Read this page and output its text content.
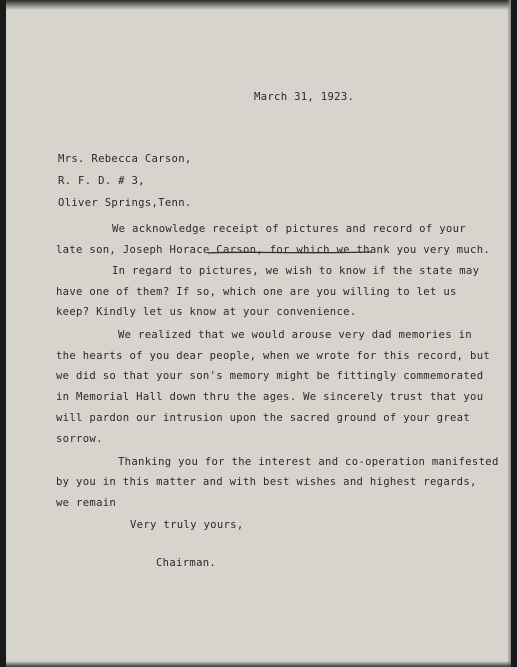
March 31, 1923.
Mrs. Rebecca Carson,
R. F. D. # 3,
Oliver Springs,Tenn.
We acknowledge receipt of pictures and record of your
late son, Joseph Horace Carson, for which we thank you very much.
In regard to pictures, we wish to know if the state may
have one of them? If so, which one are you willing to let us
keep? Kindly let us know at your convenience.
We realized that we would arouse very dad memories in
the hearts of you dear people, when we wrote for this record, but
we did so that your son's memory might be fittingly commemorated
in Memorial Hall down thru the ages. We sincerely trust that you
will pardon our intrusion upon the sacred ground of your great
sorrow.
Thanking you for the interest and co-operation manifested
by you in this matter and with best wishes and highest regards,
we remain
Very truly yours,
Chairman.
